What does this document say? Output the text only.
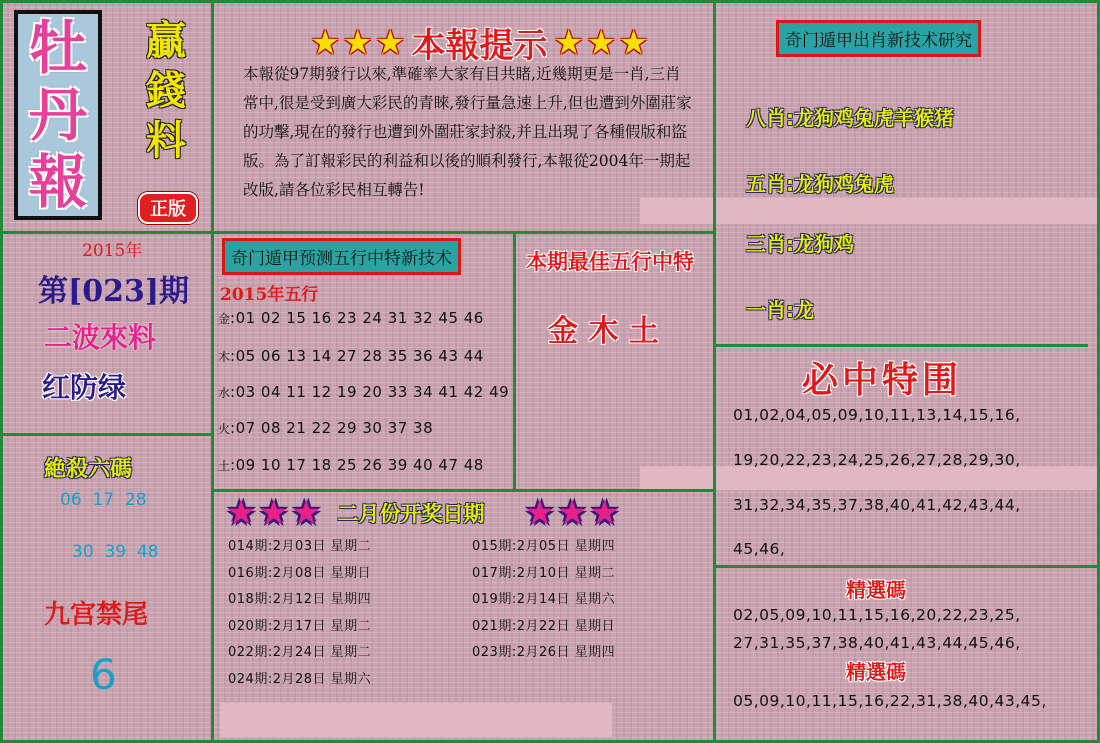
牡
丹
報
贏
錢
料
正版
★ ★ ★ 本報提示 ★ ★ ★
本報從97期發行以來,準確率大家有目共睹,近幾期更是一肖,三肖常中,很是受到廣大彩民的青睞,發行量急速上升,但也遭到外圍莊家的功擊,現在的發行也遭到外圍莊家封殺,并且出現了各種假版和盜版。為了訂報彩民的利益和以後的順利發行,本報從2004年一期起改版,請各位彩民相互轉告!
奇门遁甲出肖新技术研究
八肖:龙狗鸡兔虎羊猴猪
五肖:龙狗鸡兔虎
三肖:龙狗鸡
一肖:龙
2015年
第[023]期
二波來料
红防绿
絶殺六碼
06  17  28
30  39  48
九宫禁尾
6
奇门遁甲预测五行中特新技术
2015年五行
金:01 02 15 16 23 24 31 32 45 46
木:05 06 13 14 27 28 35 36 43 44
水:03 04 11 12 19 20 33 34 41 42 49
火:07 08 21 22 29 30 37 38
土:09 10 17 18 25 26 39 40 47 48
本期最佳五行中特
金 木 土
必中特围
01,02,04,05,09,10,11,13,14,15,16,
19,20,22,23,24,25,26,27,28,29,30,
31,32,34,35,37,38,40,41,42,43,44,
45,46,
★ ★ ★ 二月份开奖日期 ★ ★ ★
014期:2月03日 星期二
016期:2月08日 星期日
018期:2月12日 星期四
020期:2月17日 星期二
022期:2月24日 星期二
024期:2月28日 星期六
015期:2月05日 星期四
017期:2月10日 星期二
019期:2月14日 星期六
021期:2月22日 星期日
023期:2月26日 星期四
精選碼
02,05,09,10,11,15,16,20,22,23,25,
27,31,35,37,38,40,41,43,44,45,46,
精選碼
05,09,10,11,15,16,22,31,38,40,43,45,
